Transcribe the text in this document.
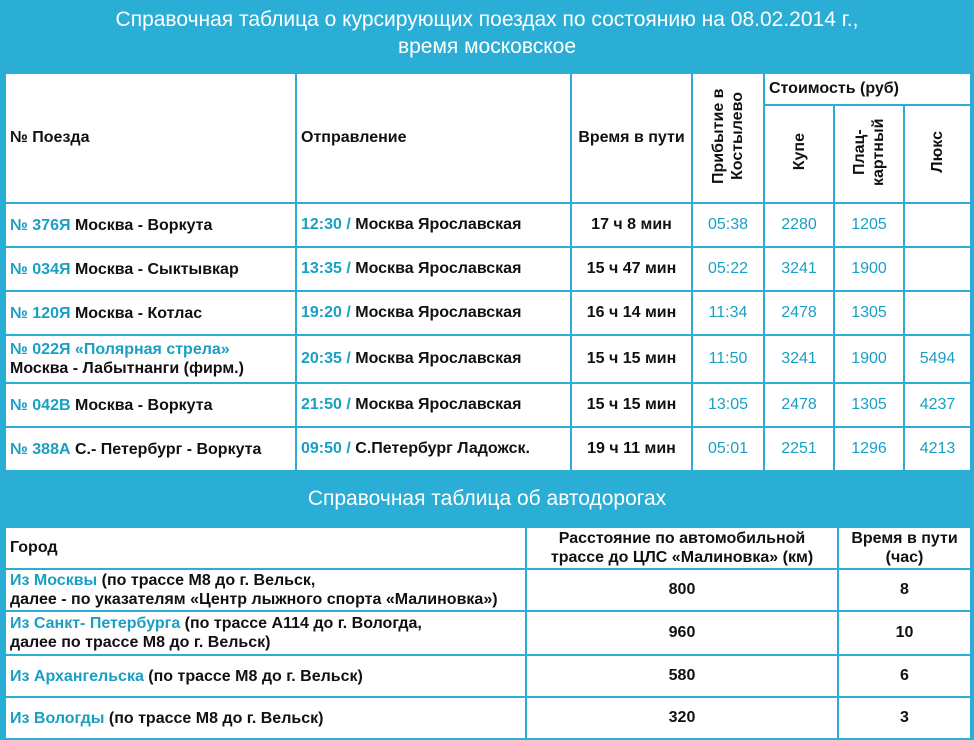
Справочная таблица о курсирующих поездах по состоянию на 08.02.2014 г.,
время московское
№ Поезда	Отправление	Время в пути	Прибытие в Костылево	Стоимость (руб)		
				Купе	Плац-картный	Люкс
№ 376Я Москва - Воркута	12:30 / Москва Ярославская	17 ч 8 мин	05:38	2280	1205	
№ 034Я Москва - Сыктывкар	13:35 / Москва Ярославская	15 ч 47 мин	05:22	3241	1900	
№ 120Я Москва - Котлас	19:20 / Москва Ярославская	16 ч 14 мин	11:34	2478	1305	
№ 022Я «Полярная стрела»
Москва - Лабытнанги (фирм.)	20:35 / Москва Ярославская	15 ч 15 мин	11:50	3241	1900	5494
№ 042В Москва - Воркута	21:50 / Москва Ярославская	15 ч 15 мин	13:05	2478	1305	4237
№ 388А С.- Петербург - Воркута	09:50 / С.Петербург Ладожск.	19 ч 11 мин	05:01	2251	1296	4213
Справочная таблица об автодорогах
Город	Расстояние по автомобильной трассе до ЦЛС «Малиновка» (км)	Время в пути (час)
Из Москвы (по трассе М8 до г. Вельск,
далее - по указателям «Центр лыжного спорта «Малиновка»)	800	8
Из Санкт- Петербурга (по трассе А114 до г. Вологда,
далее по трассе М8 до г. Вельск)	960	10
Из Архангельска (по трассе М8 до г. Вельск)	580	6
Из Вологды (по трассе М8 до г. Вельск)	320	3
